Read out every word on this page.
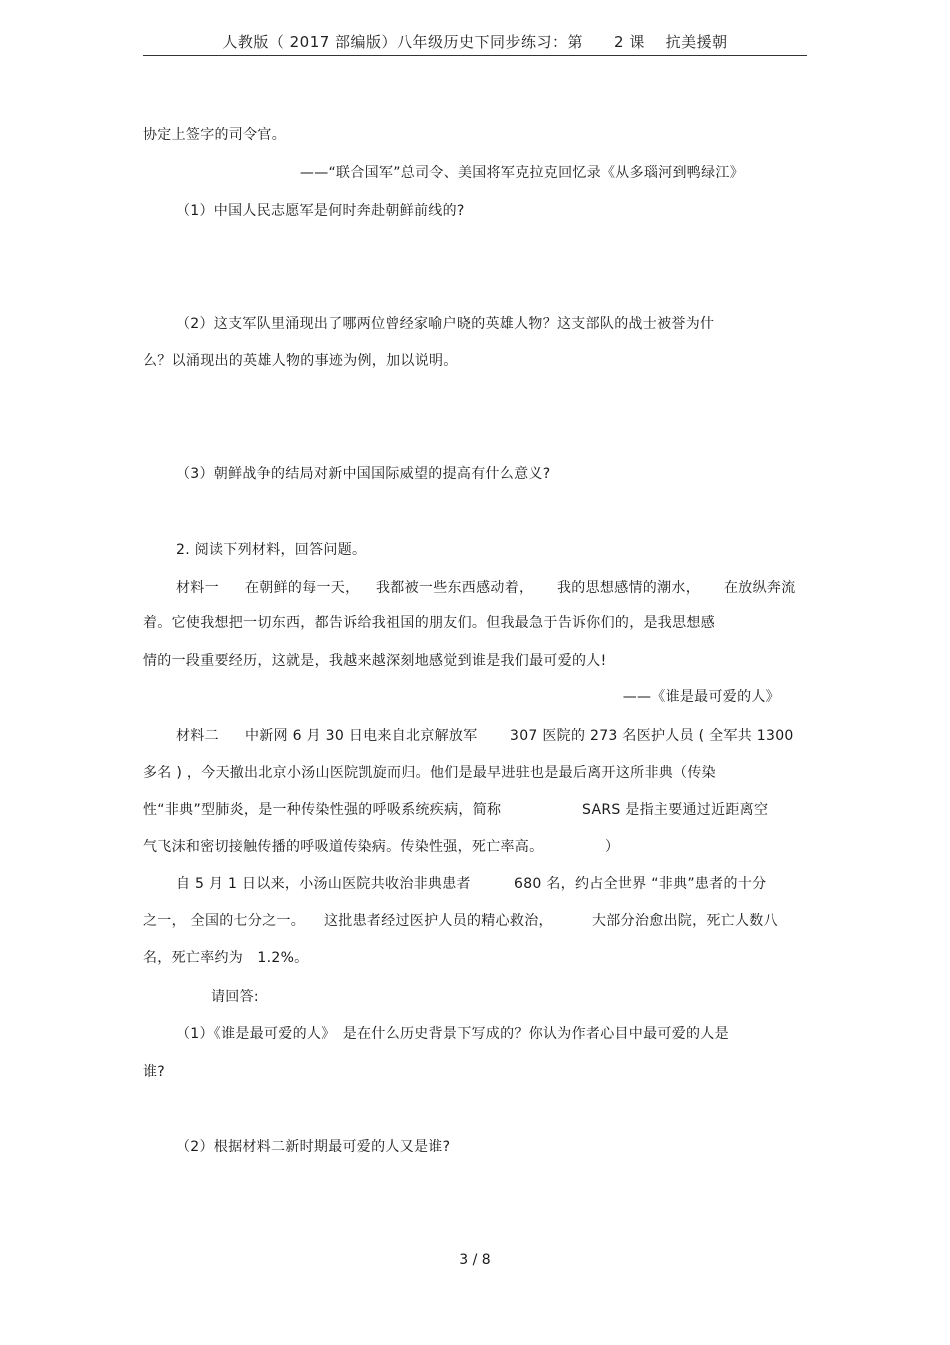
人教版（ 2017 部编版）八年级历史下同步练习：第　　2 课　 抗美援朝
协定上签字的司令官。
——“联合国军”总司令、美国将军克拉克回忆录《从多瑙河到鸭绿江》
（1）中国人民志愿军是何时奔赴朝鲜前线的?
（2）这支军队里涌现出了哪两位曾经家喻户晓的英雄人物？这支部队的战士被誉为什
么？以涌现出的英雄人物的事迹为例，加以说明。
（3）朝鲜战争的结局对新中国国际威望的提高有什么意义?
2. 阅读下列材料，回答问题。
材料一 在朝鲜的每一天， 我都被一些东西感动着， 我的思想感情的潮水， 在放纵奔流
着。它使我想把一切东西，都告诉给我祖国的朋友们。但我最急于告诉你们的，是我思想感
情的一段重要经历，这就是，我越来越深刻地感觉到谁是我们最可爱的人!
——《谁是最可爱的人》
材料二 中新网 6 月 30 日电来自北京解放军 307 医院的 273 名医护人员 ( 全军共 1300
多名 ) ，今天撤出北京小汤山医院凯旋而归。他们是最早进驻也是最后离开这所非典（传染
性“非典”型肺炎，是一种传染性强的呼吸系统疾病，简称	SARS 是指主要通过近距离空
气飞沫和密切接触传播的呼吸道传染病。传染性强，死亡率高。	）
自 5 月 1 日以来，小汤山医院共收治非典患者	680 名，约占全世界 “非典”患者的十分
之一， 全国的七分之一。 这批患者经过医护人员的精心救治，	大部分治愈出院，死亡人数八
名，死亡率约为　1.2%。
请回答:
（1）《谁是最可爱的人》　是在什么历史背景下写成的？你认为作者心目中最可爱的人是
谁?
（2）根据材料二新时期最可爱的人又是谁?
3 / 8
